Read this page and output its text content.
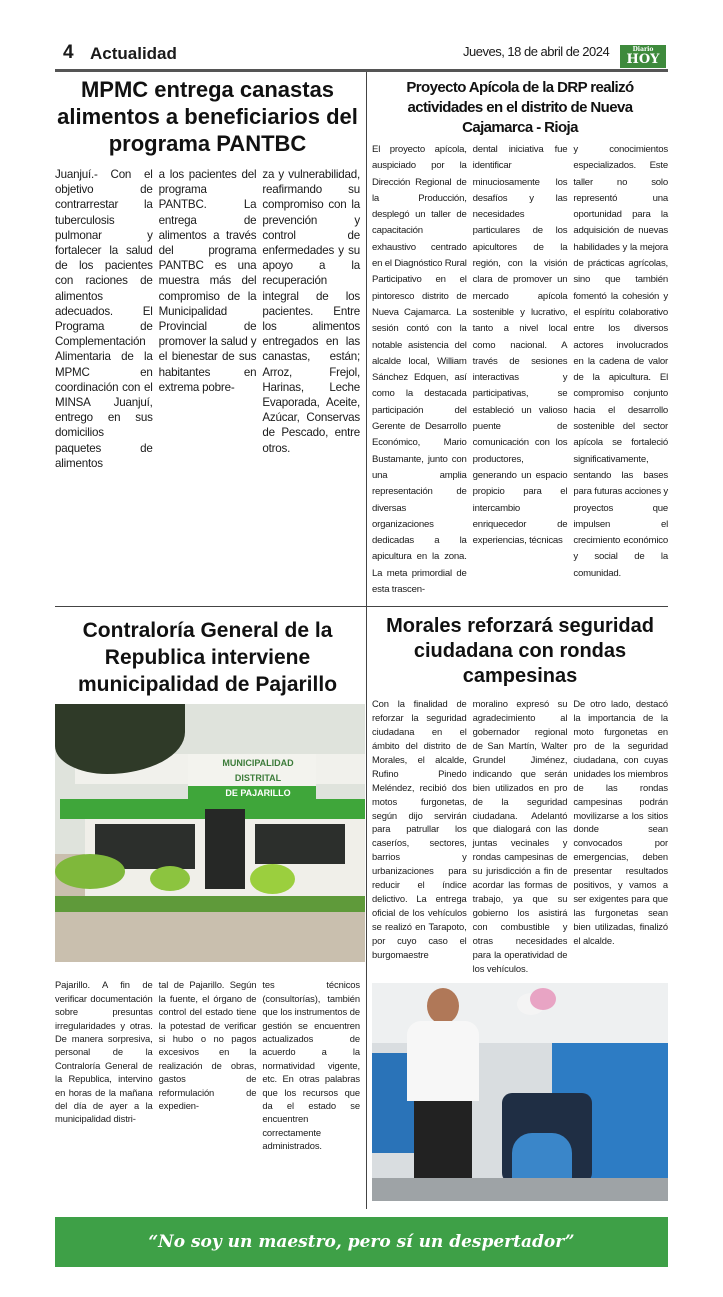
4 Actualidad	Jueves, 18 de abril de 2024	Diario
HOY
MPMC entrega canastas alimentos a beneficiarios del programa PANTBC
Juanjuí.- Con el objetivo de contrarrestar la tuberculosis pulmonar y fortalecer la salud de los pacientes con raciones de alimentos adecuados. El Programa de Complementación Alimentaria de la MPMC en coordinación con el MINSA Juanjuí, entrego en sus domicilios paquetes de alimentos
a los pacientes del programa PANTBC. La entrega de alimentos a través del programa PANTBC es una muestra más del compromiso de la Municipalidad Provincial de promover la salud y el bienestar de sus habitantes en extrema pobre-
za y vulnerabilidad, reafirmando su compromiso con la prevención y control de enfermedades y su apoyo a la recuperación integral de los pacientes. Entre los alimentos entregados en las canastas, están; Arroz, Frejol, Harinas, Leche Evaporada, Aceite, Azúcar, Conservas de Pescado, entre otros.
Proyecto Apícola de la DRP realizó actividades en el distrito de Nueva Cajamarca - Rioja
El proyecto apícola, auspiciado por la Dirección Regional de la Producción, desplegó un taller de capacitación exhaustivo centrado en el Diagnóstico Rural Participativo en el pintoresco distrito de Nueva Cajamarca. La sesión contó con la notable asistencia del alcalde local, William Sánchez Edquen, así como la destacada participación del Gerente de Desarrollo Económico, Mario Bustamante, junto con una amplia representación de diversas organizaciones dedicadas a la apicultura en la zona. La meta primordial de esta trascen-
dental iniciativa fue identificar minuciosamente los desafíos y las necesidades particulares de los apicultores de la región, con la visión clara de promover un mercado apícola sostenible y lucrativo, tanto a nivel local como nacional. A través de sesiones interactivas y participativas, se estableció un valioso puente de comunicación con los productores, generando un espacio propicio para el intercambio enriquecedor de experiencias, técnicas
y conocimientos especializados. Este taller no solo representó una oportunidad para la adquisición de nuevas habilidades y la mejora de prácticas agrícolas, sino que también fomentó la cohesión y el espíritu colaborativo entre los diversos actores involucrados en la cadena de valor de la apicultura. El compromiso conjunto hacia el desarrollo sostenible del sector apícola se fortaleció significativamente, sentando las bases para futuras acciones y proyectos que impulsen el crecimiento económico y social de la comunidad.
Contraloría General de la Republica interviene municipalidad de Pajarillo
MUNICIPALIDAD
DISTRITAL
DE PAJARILLO
Pajarillo. A fin de verificar documentación sobre presuntas irregularidades y otras. De manera sorpresiva, personal de la Contraloría General de la Republica, intervino en horas de la mañana del día de ayer a la municipalidad distri-
tal de Pajarillo. Según la fuente, el órgano de control del estado tiene la potestad de verificar si hubo o no pagos excesivos en la realización de obras, gastos de reformulación de expedien-
tes técnicos (consultorías), también que los instrumentos de gestión se encuentren actualizados de acuerdo a la normatividad vigente, etc. En otras palabras que los recursos que da el estado se encuentren correctamente administrados.
Morales reforzará seguridad ciudadana con rondas campesinas
Con la finalidad de reforzar la seguridad ciudadana en el ámbito del distrito de Morales, el alcalde, Rufino Pinedo Meléndez, recibió dos motos furgonetas, según dijo servirán para patrullar los caseríos, sectores, barrios y urbanizaciones para reducir el índice delictivo. La entrega oficial de los vehículos se realizó en Tarapoto, por cuyo caso el burgomaestre
moralino expresó su agradecimiento al gobernador regional de San Martín, Walter Grundel Jiménez, indicando que serán bien utilizados en pro de la seguridad ciudadana. Adelantó que dialogará con las juntas vecinales y rondas campesinas de su jurisdicción a fin de acordar las formas de trabajo, ya que su gobierno los asistirá con combustible y otras necesidades para la operatividad de los vehículos.
De otro lado, destacó la importancia de la moto furgonetas en pro de la seguridad ciudadana, con cuyas unidades los miembros de las rondas campesinas podrán movilizarse a los sitios donde sean convocados por emergencias, deben presentar resultados positivos, y vamos a ser exigentes para que las furgonetas sean bien utilizadas, finalizó el alcalde.
“No soy un maestro, pero sí un despertador”
